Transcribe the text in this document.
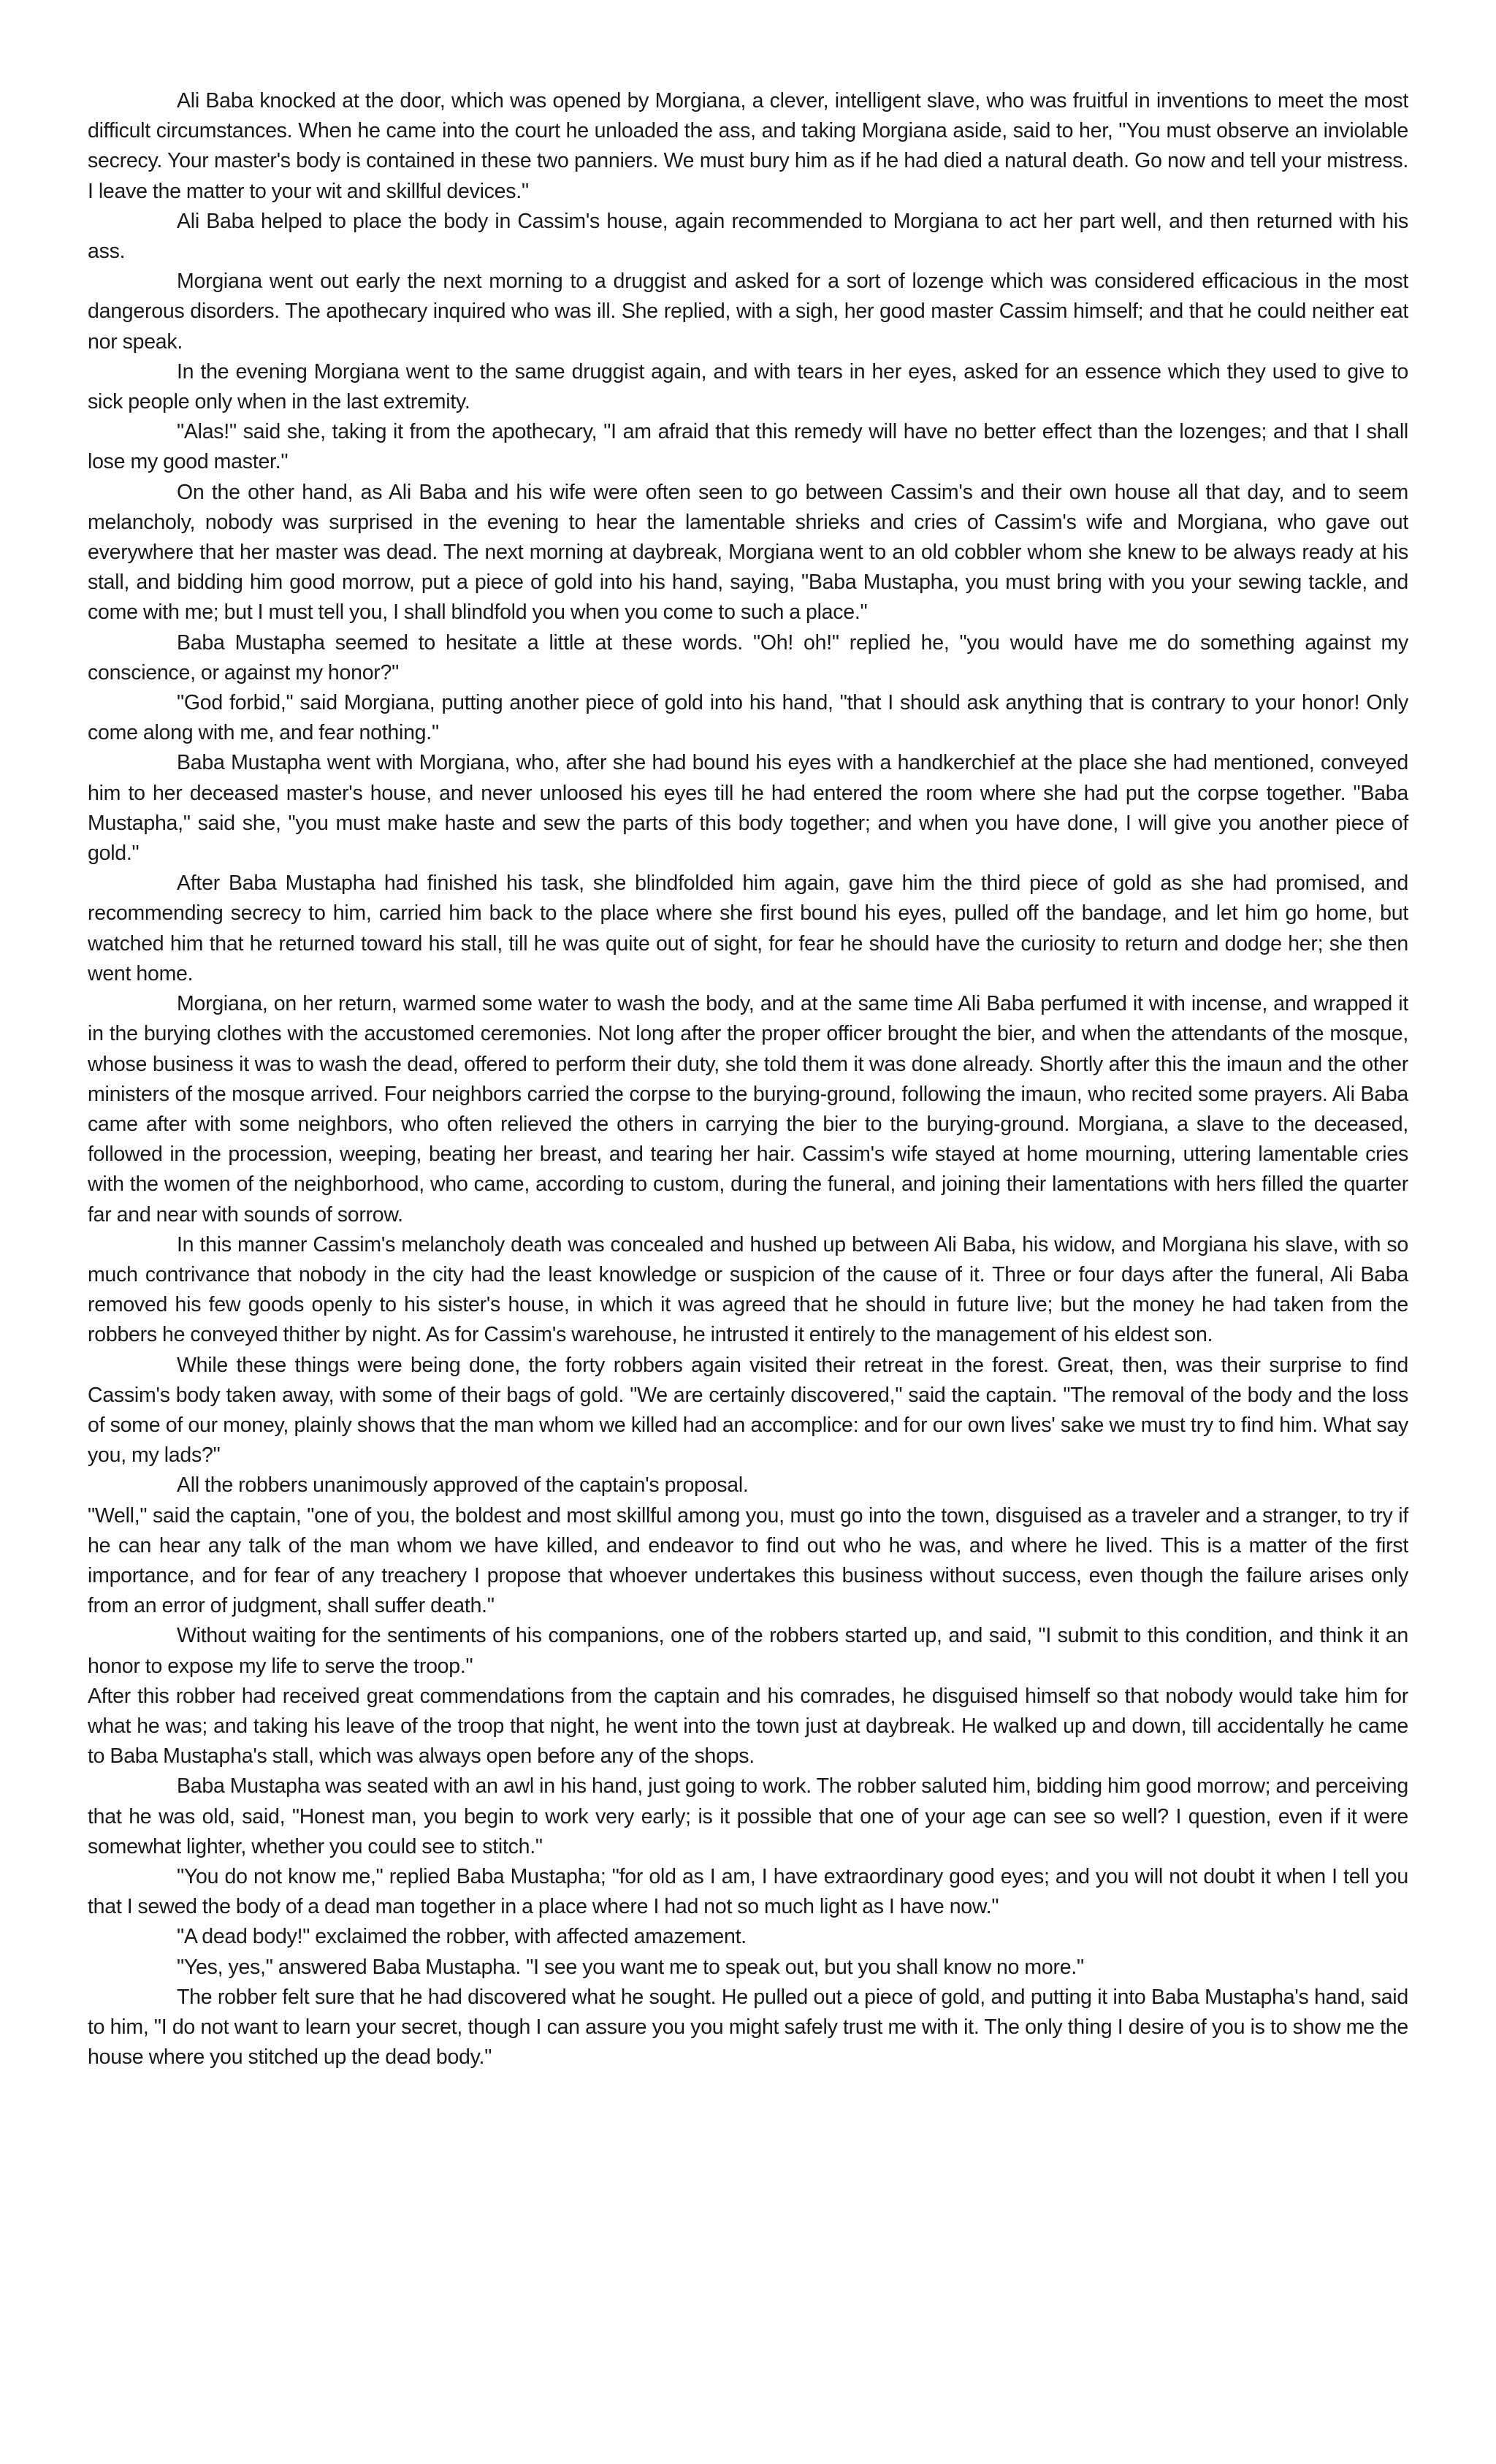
Ali Baba knocked at the door, which was opened by Morgiana, a clever, intelligent slave, who was fruitful in inventions to meet the most difficult circumstances. When he came into the court he unloaded the ass, and taking Morgiana aside, said to her, "You must observe an inviolable secrecy. Your master's body is contained in these two panniers. We must bury him as if he had died a natural death. Go now and tell your mistress. I leave the matter to your wit and skillful devices."

Ali Baba helped to place the body in Cassim's house, again recommended to Morgiana to act her part well, and then returned with his ass.

Morgiana went out early the next morning to a druggist and asked for a sort of lozenge which was considered efficacious in the most dangerous disorders. The apothecary inquired who was ill. She replied, with a sigh, her good master Cassim himself; and that he could neither eat nor speak.

In the evening Morgiana went to the same druggist again, and with tears in her eyes, asked for an essence which they used to give to sick people only when in the last extremity.

"Alas!" said she, taking it from the apothecary, "I am afraid that this remedy will have no better effect than the lozenges; and that I shall lose my good master."

On the other hand, as Ali Baba and his wife were often seen to go between Cassim's and their own house all that day, and to seem melancholy, nobody was surprised in the evening to hear the lamentable shrieks and cries of Cassim's wife and Morgiana, who gave out everywhere that her master was dead. The next morning at daybreak, Morgiana went to an old cobbler whom she knew to be always ready at his stall, and bidding him good morrow, put a piece of gold into his hand, saying, "Baba Mustapha, you must bring with you your sewing tackle, and come with me; but I must tell you, I shall blindfold you when you come to such a place."

Baba Mustapha seemed to hesitate a little at these words. "Oh! oh!" replied he, "you would have me do something against my conscience, or against my honor?"

"God forbid," said Morgiana, putting another piece of gold into his hand, "that I should ask anything that is contrary to your honor! Only come along with me, and fear nothing."

Baba Mustapha went with Morgiana, who, after she had bound his eyes with a handkerchief at the place she had mentioned, conveyed him to her deceased master's house, and never unloosed his eyes till he had entered the room where she had put the corpse together. "Baba Mustapha," said she, "you must make haste and sew the parts of this body together; and when you have done, I will give you another piece of gold."

After Baba Mustapha had finished his task, she blindfolded him again, gave him the third piece of gold as she had promised, and recommending secrecy to him, carried him back to the place where she first bound his eyes, pulled off the bandage, and let him go home, but watched him that he returned toward his stall, till he was quite out of sight, for fear he should have the curiosity to return and dodge her; she then went home.

Morgiana, on her return, warmed some water to wash the body, and at the same time Ali Baba perfumed it with incense, and wrapped it in the burying clothes with the accustomed ceremonies. Not long after the proper officer brought the bier, and when the attendants of the mosque, whose business it was to wash the dead, offered to perform their duty, she told them it was done already. Shortly after this the imaun and the other ministers of the mosque arrived. Four neighbors carried the corpse to the burying-ground, following the imaun, who recited some prayers. Ali Baba came after with some neighbors, who often relieved the others in carrying the bier to the burying-ground. Morgiana, a slave to the deceased, followed in the procession, weeping, beating her breast, and tearing her hair. Cassim's wife stayed at home mourning, uttering lamentable cries with the women of the neighborhood, who came, according to custom, during the funeral, and joining their lamentations with hers filled the quarter far and near with sounds of sorrow.

In this manner Cassim's melancholy death was concealed and hushed up between Ali Baba, his widow, and Morgiana his slave, with so much contrivance that nobody in the city had the least knowledge or suspicion of the cause of it. Three or four days after the funeral, Ali Baba removed his few goods openly to his sister's house, in which it was agreed that he should in future live; but the money he had taken from the robbers he conveyed thither by night. As for Cassim's warehouse, he intrusted it entirely to the management of his eldest son.

While these things were being done, the forty robbers again visited their retreat in the forest. Great, then, was their surprise to find Cassim's body taken away, with some of their bags of gold. "We are certainly discovered," said the captain. "The removal of the body and the loss of some of our money, plainly shows that the man whom we killed had an accomplice: and for our own lives' sake we must try to find him. What say you, my lads?"

All the robbers unanimously approved of the captain's proposal.

"Well," said the captain, "one of you, the boldest and most skillful among you, must go into the town, disguised as a traveler and a stranger, to try if he can hear any talk of the man whom we have killed, and endeavor to find out who he was, and where he lived. This is a matter of the first importance, and for fear of any treachery I propose that whoever undertakes this business without success, even though the failure arises only from an error of judgment, shall suffer death."

Without waiting for the sentiments of his companions, one of the robbers started up, and said, "I submit to this condition, and think it an honor to expose my life to serve the troop."

After this robber had received great commendations from the captain and his comrades, he disguised himself so that nobody would take him for what he was; and taking his leave of the troop that night, he went into the town just at daybreak. He walked up and down, till accidentally he came to Baba Mustapha's stall, which was always open before any of the shops.

Baba Mustapha was seated with an awl in his hand, just going to work. The robber saluted him, bidding him good morrow; and perceiving that he was old, said, "Honest man, you begin to work very early; is it possible that one of your age can see so well? I question, even if it were somewhat lighter, whether you could see to stitch."

"You do not know me," replied Baba Mustapha; "for old as I am, I have extraordinary good eyes; and you will not doubt it when I tell you that I sewed the body of a dead man together in a place where I had not so much light as I have now."

"A dead body!" exclaimed the robber, with affected amazement.

"Yes, yes," answered Baba Mustapha. "I see you want me to speak out, but you shall know no more."

The robber felt sure that he had discovered what he sought. He pulled out a piece of gold, and putting it into Baba Mustapha's hand, said to him, "I do not want to learn your secret, though I can assure you you might safely trust me with it. The only thing I desire of you is to show me the house where you stitched up the dead body."
